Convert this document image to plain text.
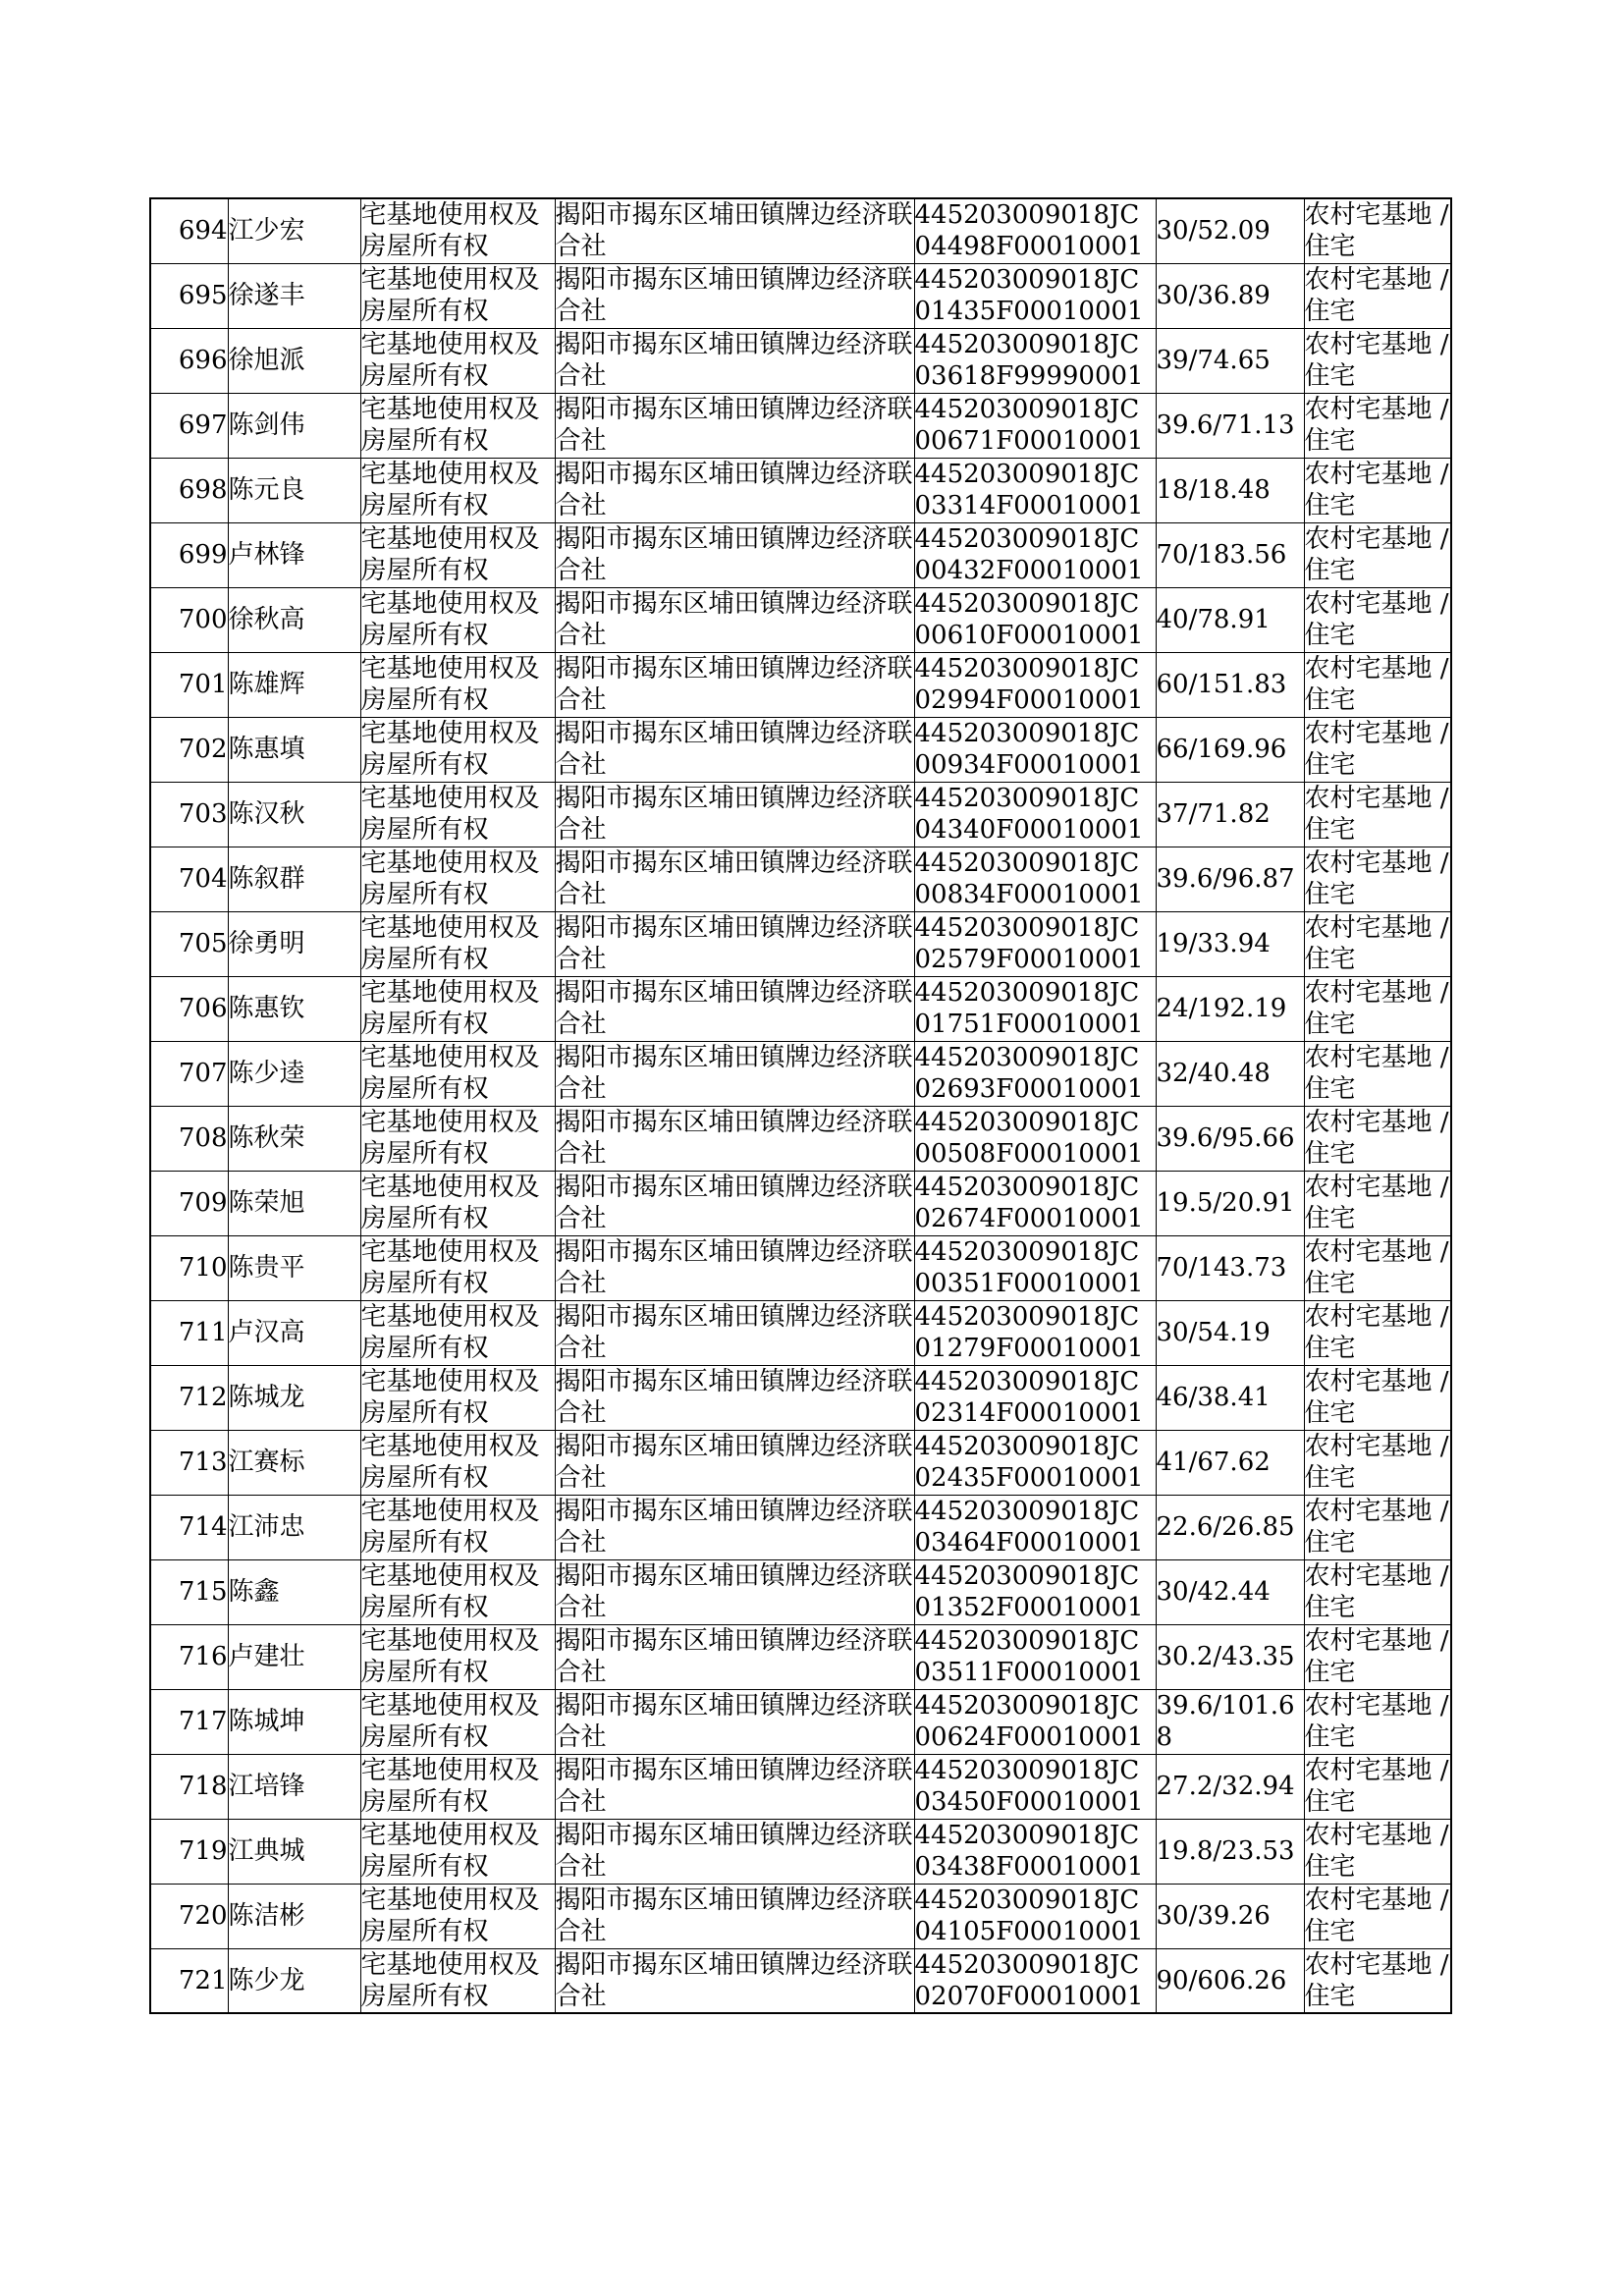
694	江少宏	宅基地使用权及房屋所有权	揭阳市揭东区埔田镇牌边经济联合社	445203009018JC04498F00010001	30/52.09	农村宅基地 / 住宅

695	徐遂丰	宅基地使用权及房屋所有权	揭阳市揭东区埔田镇牌边经济联合社	445203009018JC01435F00010001	30/36.89	农村宅基地 / 住宅

696	徐旭派	宅基地使用权及房屋所有权	揭阳市揭东区埔田镇牌边经济联合社	445203009018JC03618F99990001	39/74.65	农村宅基地 / 住宅

697	陈剑伟	宅基地使用权及房屋所有权	揭阳市揭东区埔田镇牌边经济联合社	445203009018JC00671F00010001	39.6/71.13	农村宅基地 / 住宅

698	陈元良	宅基地使用权及房屋所有权	揭阳市揭东区埔田镇牌边经济联合社	445203009018JC03314F00010001	18/18.48	农村宅基地 / 住宅

699	卢林锋	宅基地使用权及房屋所有权	揭阳市揭东区埔田镇牌边经济联合社	445203009018JC00432F00010001	70/183.56	农村宅基地 / 住宅

700	徐秋高	宅基地使用权及房屋所有权	揭阳市揭东区埔田镇牌边经济联合社	445203009018JC00610F00010001	40/78.91	农村宅基地 / 住宅

701	陈雄辉	宅基地使用权及房屋所有权	揭阳市揭东区埔田镇牌边经济联合社	445203009018JC02994F00010001	60/151.83	农村宅基地 / 住宅

702	陈惠填	宅基地使用权及房屋所有权	揭阳市揭东区埔田镇牌边经济联合社	445203009018JC00934F00010001	66/169.96	农村宅基地 / 住宅

703	陈汉秋	宅基地使用权及房屋所有权	揭阳市揭东区埔田镇牌边经济联合社	445203009018JC04340F00010001	37/71.82	农村宅基地 / 住宅

704	陈叙群	宅基地使用权及房屋所有权	揭阳市揭东区埔田镇牌边经济联合社	445203009018JC00834F00010001	39.6/96.87	农村宅基地 / 住宅

705	徐勇明	宅基地使用权及房屋所有权	揭阳市揭东区埔田镇牌边经济联合社	445203009018JC02579F00010001	19/33.94	农村宅基地 / 住宅

706	陈惠钦	宅基地使用权及房屋所有权	揭阳市揭东区埔田镇牌边经济联合社	445203009018JC01751F00010001	24/192.19	农村宅基地 / 住宅

707	陈少逵	宅基地使用权及房屋所有权	揭阳市揭东区埔田镇牌边经济联合社	445203009018JC02693F00010001	32/40.48	农村宅基地 / 住宅

708	陈秋荣	宅基地使用权及房屋所有权	揭阳市揭东区埔田镇牌边经济联合社	445203009018JC00508F00010001	39.6/95.66	农村宅基地 / 住宅

709	陈荣旭	宅基地使用权及房屋所有权	揭阳市揭东区埔田镇牌边经济联合社	445203009018JC02674F00010001	19.5/20.91	农村宅基地 / 住宅

710	陈贵平	宅基地使用权及房屋所有权	揭阳市揭东区埔田镇牌边经济联合社	445203009018JC00351F00010001	70/143.73	农村宅基地 / 住宅

711	卢汉高	宅基地使用权及房屋所有权	揭阳市揭东区埔田镇牌边经济联合社	445203009018JC01279F00010001	30/54.19	农村宅基地 / 住宅

712	陈城龙	宅基地使用权及房屋所有权	揭阳市揭东区埔田镇牌边经济联合社	445203009018JC02314F00010001	46/38.41	农村宅基地 / 住宅

713	江赛标	宅基地使用权及房屋所有权	揭阳市揭东区埔田镇牌边经济联合社	445203009018JC02435F00010001	41/67.62	农村宅基地 / 住宅

714	江沛忠	宅基地使用权及房屋所有权	揭阳市揭东区埔田镇牌边经济联合社	445203009018JC03464F00010001	22.6/26.85	农村宅基地 / 住宅

715	陈鑫	宅基地使用权及房屋所有权	揭阳市揭东区埔田镇牌边经济联合社	445203009018JC01352F00010001	30/42.44	农村宅基地 / 住宅

716	卢建壮	宅基地使用权及房屋所有权	揭阳市揭东区埔田镇牌边经济联合社	445203009018JC03511F00010001	30.2/43.35	农村宅基地 / 住宅

717	陈城坤	宅基地使用权及房屋所有权	揭阳市揭东区埔田镇牌边经济联合社	445203009018JC00624F00010001	39.6/101.68	农村宅基地 / 住宅

718	江培锋	宅基地使用权及房屋所有权	揭阳市揭东区埔田镇牌边经济联合社	445203009018JC03450F00010001	27.2/32.94	农村宅基地 / 住宅

719	江典城	宅基地使用权及房屋所有权	揭阳市揭东区埔田镇牌边经济联合社	445203009018JC03438F00010001	19.8/23.53	农村宅基地 / 住宅

720	陈洁彬	宅基地使用权及房屋所有权	揭阳市揭东区埔田镇牌边经济联合社	445203009018JC04105F00010001	30/39.26	农村宅基地 / 住宅

721	陈少龙	宅基地使用权及房屋所有权	揭阳市揭东区埔田镇牌边经济联合社	445203009018JC02070F00010001	90/606.26	农村宅基地 / 住宅
